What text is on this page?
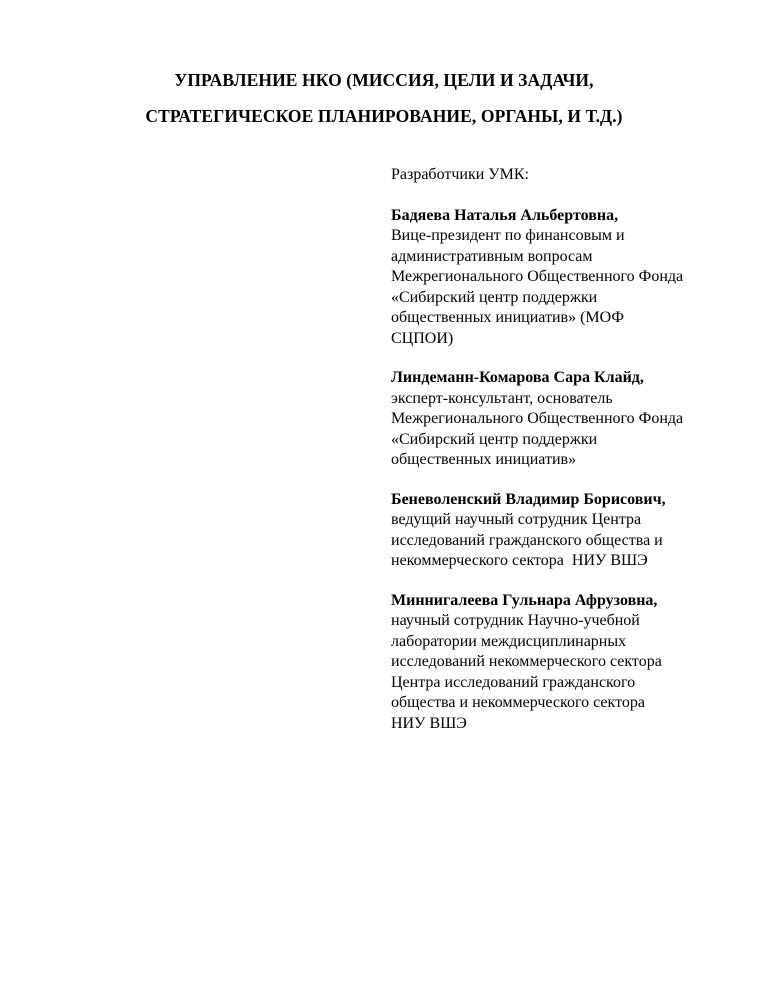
УПРАВЛЕНИЕ НКО (МИССИЯ, ЦЕЛИ И ЗАДАЧИ,
СТРАТЕГИЧЕСКОЕ ПЛАНИРОВАНИЕ, ОРГАНЫ, И Т.Д.)

Разработчики УМК:

Бадяева Наталья Альбертовна,
Вице-президент по финансовым и
административным вопросам
Межрегионального Общественного Фонда
«Сибирский центр поддержки
общественных инициатив» (МОФ
СЦПОИ)
Линдеманн-Комарова Сара Клайд,
эксперт-консультант, основатель
Межрегионального Общественного Фонда
«Сибирский центр поддержки
общественных инициатив»
Беневоленский Владимир Борисович,
ведущий научный сотрудник Центра
исследований гражданского общества и
некоммерческого сектора  НИУ ВШЭ
Миннигалеева Гульнара Афрузовна,
научный сотрудник Научно-учебной
лаборатории междисциплинарных
исследований некоммерческого сектора
Центра исследований гражданского
общества и некоммерческого сектора
НИУ ВШЭ
